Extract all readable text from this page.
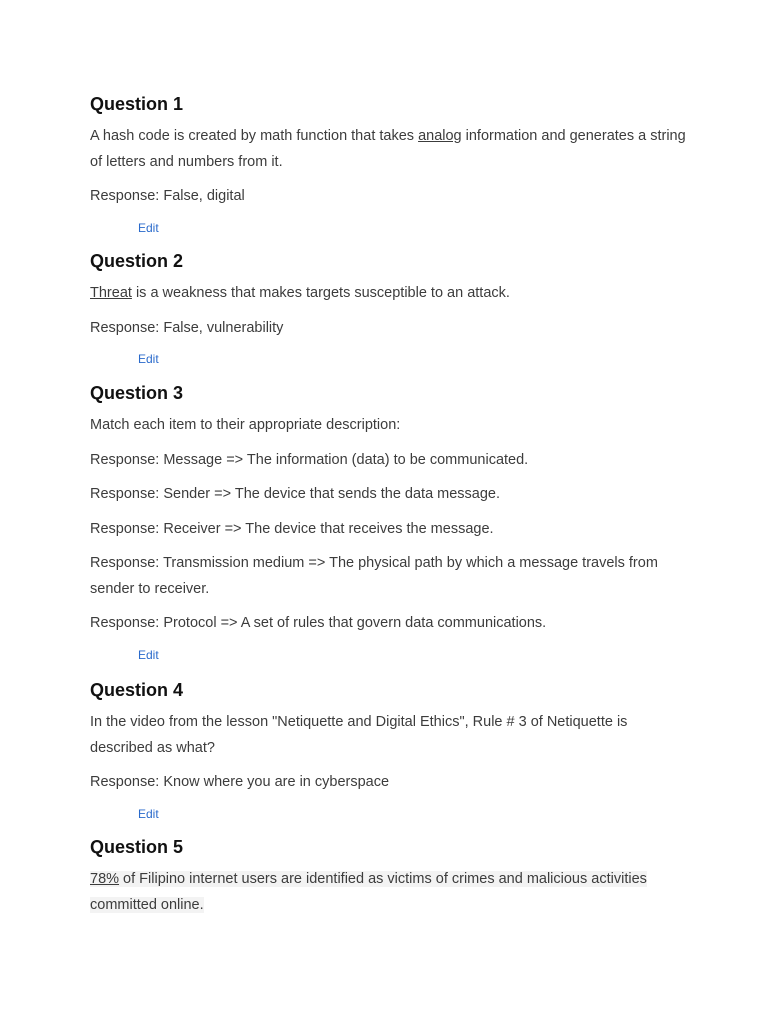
Question 1

A hash code is created by math function that takes analog information and generates a string of letters and numbers from it.

Response: False, digital

Edit
Question 2

Threat is a weakness that makes targets susceptible to an attack.

Response: False, vulnerability

Edit
Question 3

Match each item to their appropriate description:

Response: Message => The information (data) to be communicated.

Response: Sender => The device that sends the data message.

Response: Receiver => The device that receives the message.

Response: Transmission medium => The physical path by which a message travels from sender to receiver.

Response: Protocol => A set of rules that govern data communications.

Edit
Question 4

In the video from the lesson "Netiquette and Digital Ethics", Rule # 3 of Netiquette is described as what?

Response: Know where you are in cyberspace

Edit
Question 5

78% of Filipino internet users are identified as victims of crimes and malicious activities committed online.
